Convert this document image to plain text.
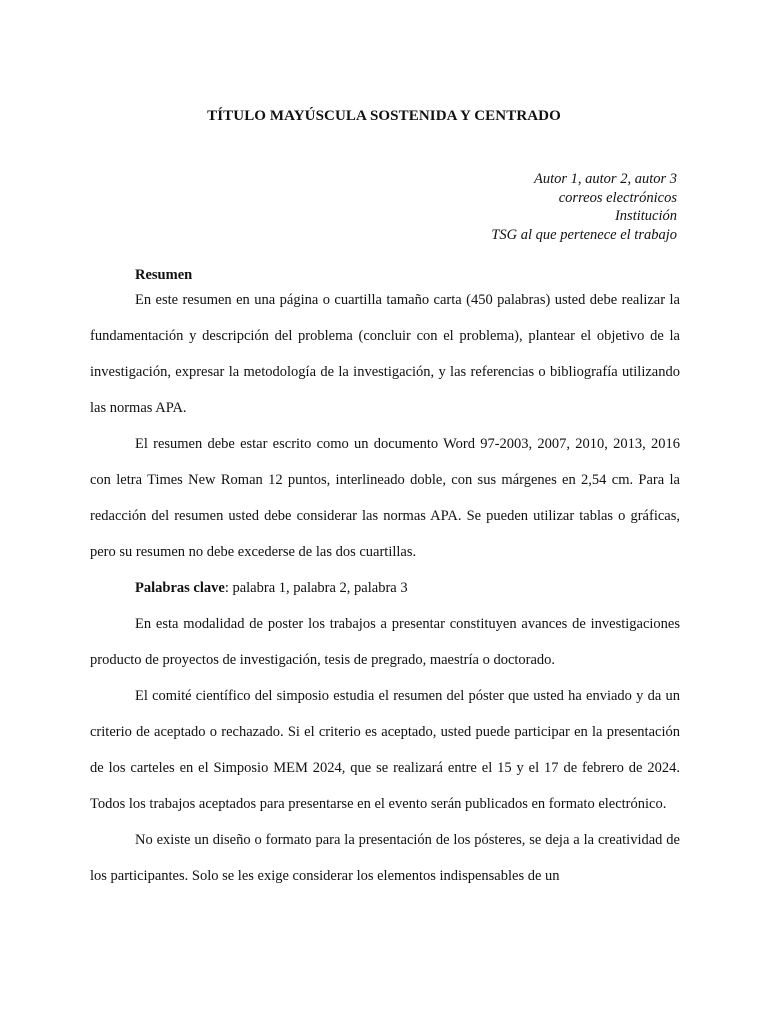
TÍTULO MAYÚSCULA SOSTENIDA Y CENTRADO
Autor 1, autor 2, autor 3
correos electrónicos
Institución
TSG al que pertenece el trabajo
Resumen

En este resumen en una página o cuartilla tamaño carta (450 palabras) usted debe realizar la fundamentación y descripción del problema (concluir con el problema), plantear el objetivo de la investigación, expresar la metodología de la investigación, y las referencias o bibliografía utilizando las normas APA.

El resumen debe estar escrito como un documento Word 97-2003, 2007, 2010, 2013, 2016 con letra Times New Roman 12 puntos, interlineado doble, con sus márgenes en 2,54 cm. Para la redacción del resumen usted debe considerar las normas APA. Se pueden utilizar tablas o gráficas, pero su resumen no debe excederse de las dos cuartillas.

Palabras clave: palabra 1, palabra 2, palabra 3

En esta modalidad de poster los trabajos a presentar constituyen avances de investigaciones producto de proyectos de investigación, tesis de pregrado, maestría o doctorado.

El comité científico del simposio estudia el resumen del póster que usted ha enviado y da un criterio de aceptado o rechazado. Si el criterio es aceptado, usted puede participar en la presentación de los carteles en el Simposio MEM 2024, que se realizará entre el 15 y el 17 de febrero de 2024. Todos los trabajos aceptados para presentarse en el evento serán publicados en formato electrónico.

No existe un diseño o formato para la presentación de los pósteres, se deja a la creatividad de los participantes. Solo se les exige considerar los elementos indispensables de un
